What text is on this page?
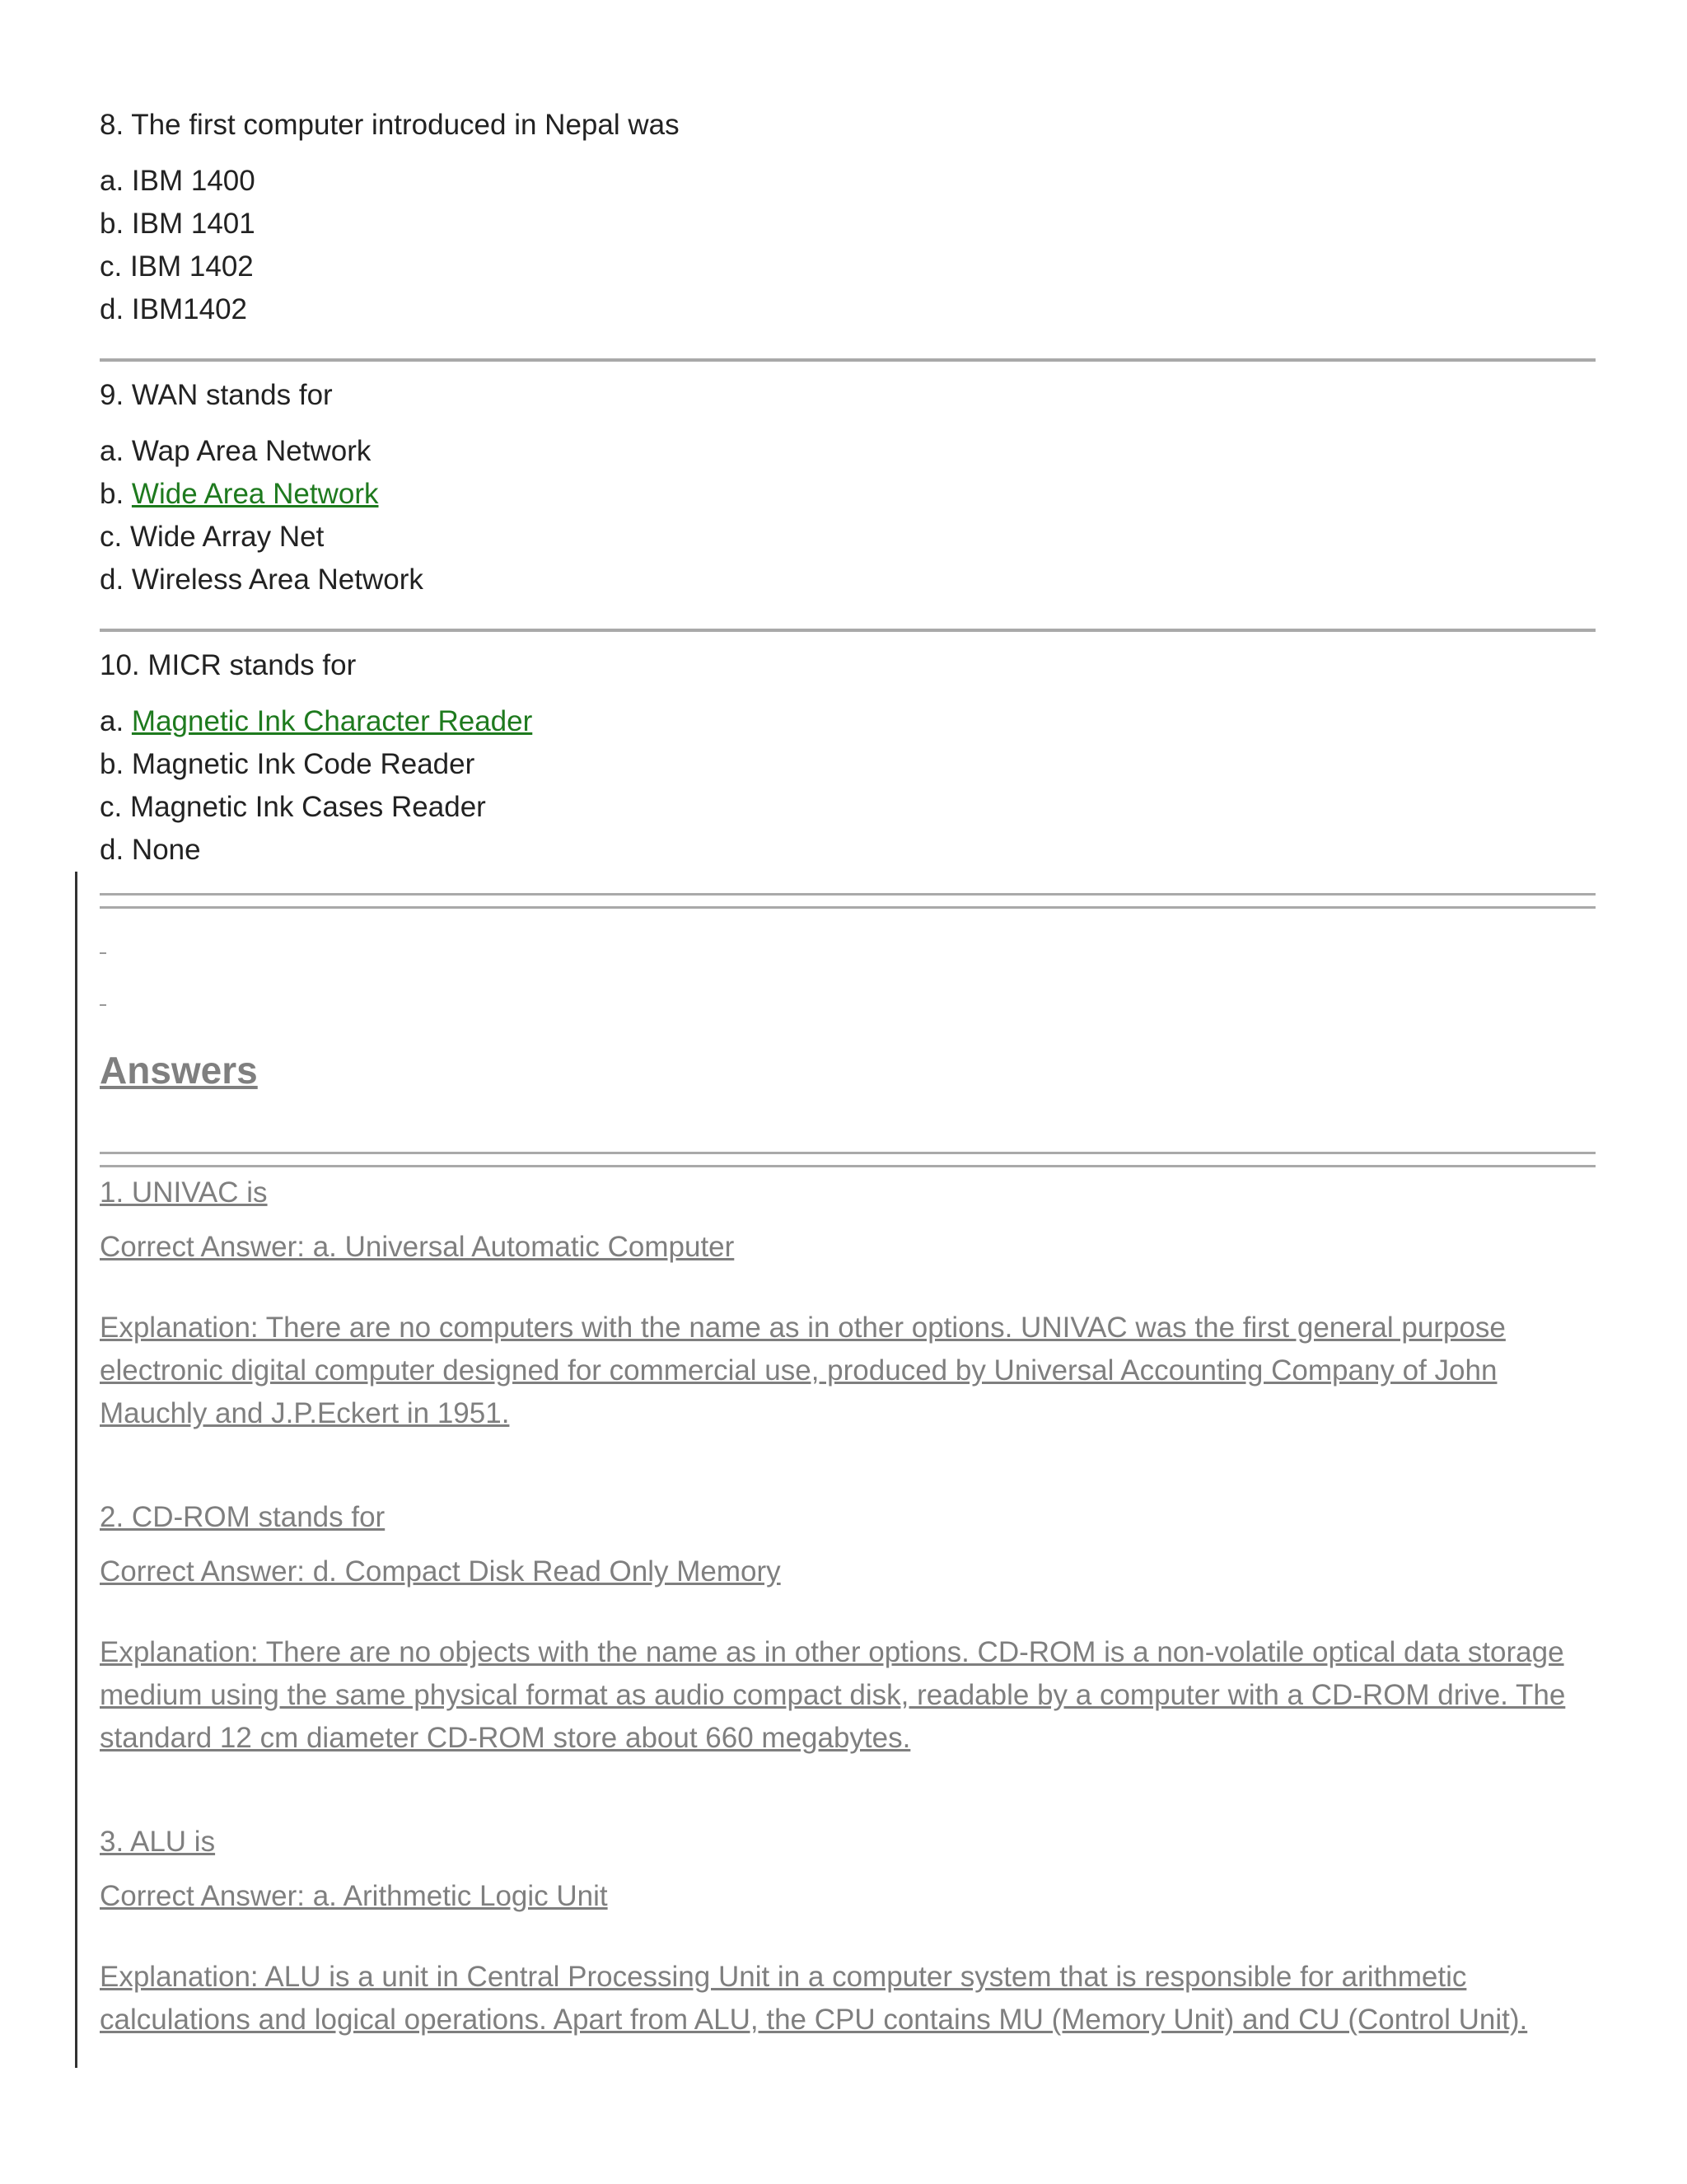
8. The first computer introduced in Nepal was

a. IBM 1400
b. IBM 1401
c. IBM 1402
d. IBM1402

9. WAN stands for

a. Wap Area Network
b. Wide Area Network
c. Wide Array Net
d. Wireless Area Network

10. MICR stands for

a. Magnetic Ink Character Reader
b. Magnetic Ink Code Reader
c. Magnetic Ink Cases Reader
d. None
Answers

1. UNIVAC is

Correct Answer: a. Universal Automatic Computer

Explanation: There are no computers with the name as in other options. UNIVAC was the first general purpose electronic digital computer designed for commercial use, produced by Universal Accounting Company of John Mauchly and J.P.Eckert in 1951.

2. CD-ROM stands for

Correct Answer: d. Compact Disk Read Only Memory

Explanation: There are no objects with the name as in other options. CD-ROM is a non-volatile optical data storage medium using the same physical format as audio compact disk, readable by a computer with a CD-ROM drive. The standard 12 cm diameter CD-ROM store about 660 megabytes.

3. ALU is

Correct Answer: a. Arithmetic Logic Unit

Explanation: ALU is a unit in Central Processing Unit in a computer system that is responsible for arithmetic calculations and logical operations. Apart from ALU, the CPU contains MU (Memory Unit) and CU (Control Unit).
